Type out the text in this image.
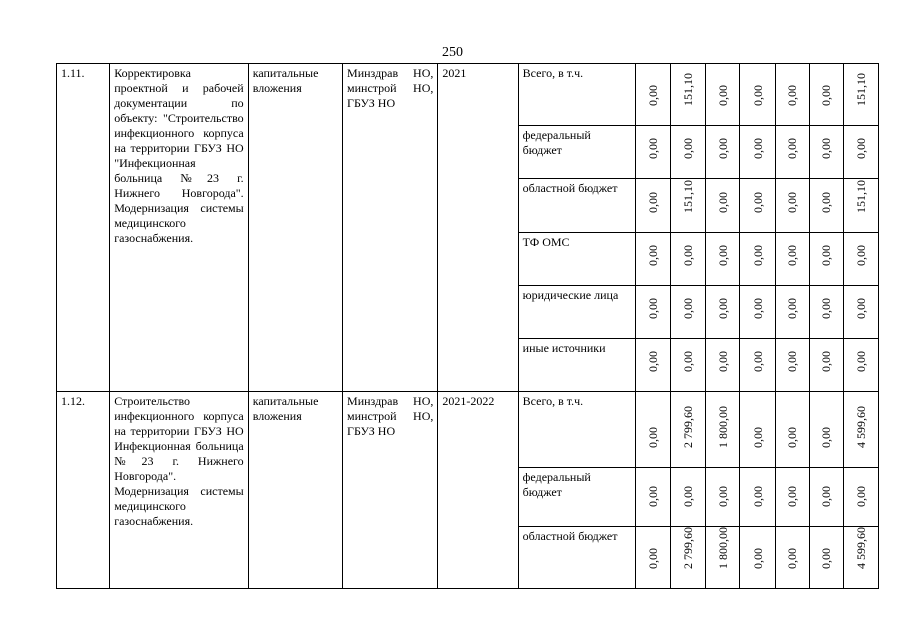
250
1.11.	Корректировка проектной и рабочей документации по объекту: "Строительство инфекционного корпуса на территории ГБУЗ НО "Инфекционная больница №23 г. Нижнего Новгорода". Модернизация системы медицинского газоснабжения.	капитальные вложения	Минздрав НО, минстрой НО, ГБУЗ НО	2021	Всего, в т.ч.	0,00	151,10	0,00	0,00	0,00	0,00	151,10

					федеральный бюджет	0,00	0,00	0,00	0,00	0,00	0,00	0,00

					областной бюджет	0,00	151,10	0,00	0,00	0,00	0,00	151,10

					ТФ ОМС	0,00	0,00	0,00	0,00	0,00	0,00	0,00

					юридические лица	0,00	0,00	0,00	0,00	0,00	0,00	0,00

					иные источники	0,00	0,00	0,00	0,00	0,00	0,00	0,00

1.12.	Строительство инфекционного корпуса на территории ГБУЗ НО Инфекционная больница №23 г. Нижнего Новгорода". Модернизация системы медицинского газоснабжения.	капитальные вложения	Минздрав НО, минстрой НО, ГБУЗ НО	2021-2022	Всего, в т.ч.	0,00	2 799,60	1 800,00	0,00	0,00	0,00	4 599,60

					федеральный бюджет	0,00	0,00	0,00	0,00	0,00	0,00	0,00

					областной бюджет	0,00	2 799,60	1 800,00	0,00	0,00	0,00	4 599,60
